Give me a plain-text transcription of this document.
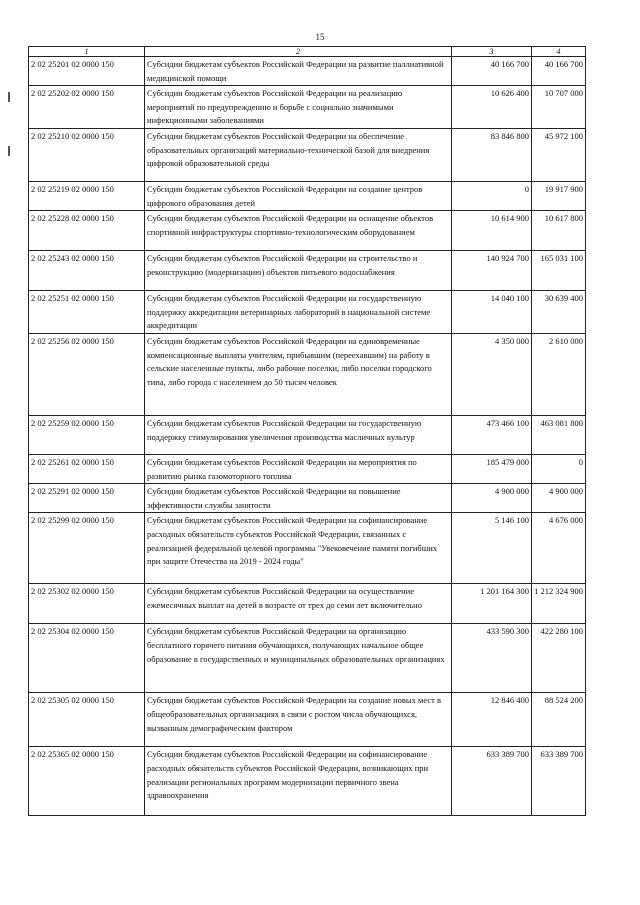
15
1	2	3	4
2 02 25201 02 0000 150	Субсидии бюджетам субъектов Российской Федерации на развитие паллиативной медицинской помощи	40 166 700	40 166 700
2 02 25202 02 0000 150	Субсидии бюджетам субъектов Российской Федерации на реализацию мероприятий по предупреждению и борьбе с социально значимыми инфекционными заболеваниями	10 626 400	10 707 000
2 02 25210 02 0000 150	Субсидии бюджетам субъектов Российской Федерации на обеспечение образовательных организаций материально-технической базой для внедрения цифровой образовательной среды	83 846 800	45 972 100
2 02 25219 02 0000 150	Субсидии бюджетам субъектов Российской Федерации на создание центров цифрового образования детей	0	19 917 900
2 02 25228 02 0000 150	Субсидии бюджетам субъектов Российской Федерации на оснащение объектов спортивной инфраструктуры спортивно-технологическим оборудованием	10 614 900	10 617 800
2 02 25243 02 0000 150	Субсидии бюджетам субъектов Российской Федерации на строительство и реконструкцию (модернизацию) объектов питьевого водоснабжения	140 924 700	165 031 100
2 02 25251 02 0000 150	Субсидии бюджетам субъектов Российской Федерации на государственную поддержку аккредитации ветеринарных лабораторий в национальной системе аккредитации	14 040 100	30 639 400
2 02 25256 02 0000 150	Субсидии бюджетам субъектов Российской Федерации на единовременные компенсационные выплаты учителям, прибывшим (переехавшим) на работу в сельские населенные пункты, либо рабочие поселки, либо поселки городского типа, либо города с населением до 50 тысяч человек	4 350 000	2 610 000
2 02 25259 02 0000 150	Субсидии бюджетам субъектов Российской Федерации на государственную поддержку стимулирования увеличения производства масличных культур	473 466 100	463 081 800
2 02 25261 02 0000 150	Субсидии бюджетам субъектов Российской Федерации на мероприятия по развитию рынка газомоторного топлива	185 479 000	0
2 02 25291 02 0000 150	Субсидии бюджетам субъектов Российской Федерации на повышение эффективности службы занятости	4 900 000	4 900 000
2 02 25299 02 0000 150	Субсидии бюджетам субъектов Российской Федерации на софинансирование расходных обязательств субъектов Российской Федерации, связанных с реализацией федеральной целевой программы "Увековечение памяти погибших при защите Отечества на 2019 - 2024 годы"	5 146 100	4 676 000
2 02 25302 02 0000 150	Субсидии бюджетам субъектов Российской Федерации на осуществление ежемесячных выплат на детей в возрасте от трех до семи лет включительно	1 201 164 300	1 212 324 900
2 02 25304 02 0000 150	Субсидии бюджетам субъектов Российской Федерации на организацию бесплатного горячего питания обучающихся, получающих начальное общее образование в государственных и муниципальных образовательных организациях	433 590 300	422 280 100
2 02 25305 02 0000 150	Субсидии бюджетам субъектов Российской Федерации на создание новых мест в общеобразовательных организациях в связи с ростом числа обучающихся, вызванным демографическим фактором	12 846 400	88 524 200
2 02 25365 02 0000 150	Субсидии бюджетам субъектов Российской Федерации на софинансирование расходных обязательств субъектов Российской Федерации, возникающих при реализации региональных программ модернизации первичного звена здравоохранения	633 389 700	633 389 700
